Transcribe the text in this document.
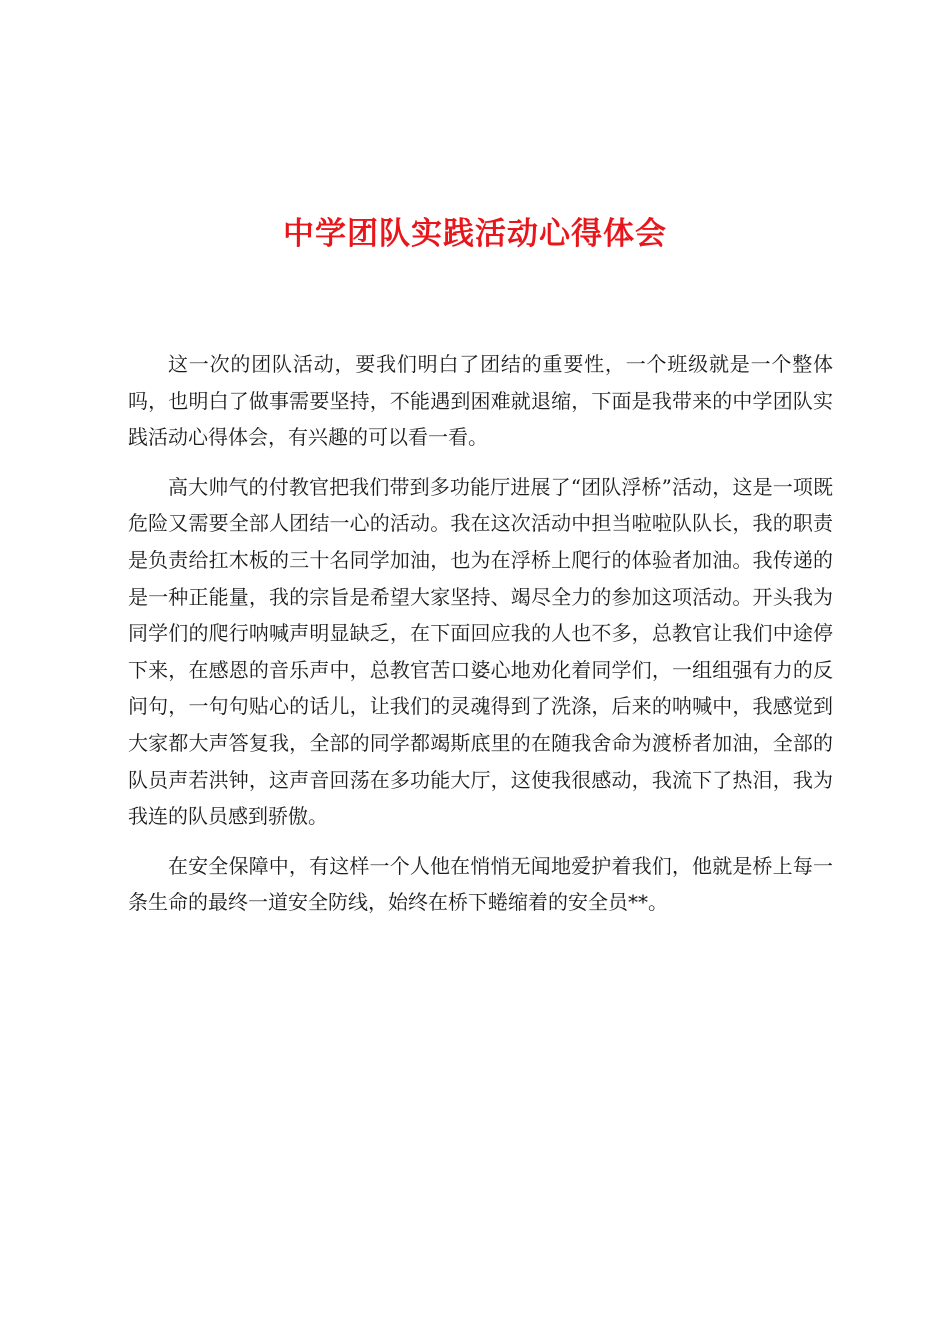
中学团队实践活动心得体会

这一次的团队活动，要我们明白了团结的重要性，一个班级就是一个整体吗，也明白了做事需要坚持，不能遇到困难就退缩，下面是我带来的中学团队实践活动心得体会，有兴趣的可以看一看。

高大帅气的付教官把我们带到多功能厅进展了“团队浮桥”活动，这是一项既危险又需要全部人团结一心的活动。我在这次活动中担当啦啦队队长，我的职责是负责给扛木板的三十名同学加油，也为在浮桥上爬行的体验者加油。我传递的是一种正能量，我的宗旨是希望大家坚持、竭尽全力的参加这项活动。开头我为同学们的爬行呐喊声明显缺乏，在下面回应我的人也不多，总教官让我们中途停下来，在感恩的音乐声中，总教官苦口婆心地劝化着同学们，一组组强有力的反问句，一句句贴心的话儿，让我们的灵魂得到了洗涤，后来的呐喊中，我感觉到大家都大声答复我，全部的同学都竭斯底里的在随我舍命为渡桥者加油，全部的队员声若洪钟，这声音回荡在多功能大厅，这使我很感动，我流下了热泪，我为我连的队员感到骄傲。

在安全保障中，有这样一个人他在悄悄无闻地爱护着我们，他就是桥上每一条生命的最终一道安全防线，始终在桥下蜷缩着的安全员**。
